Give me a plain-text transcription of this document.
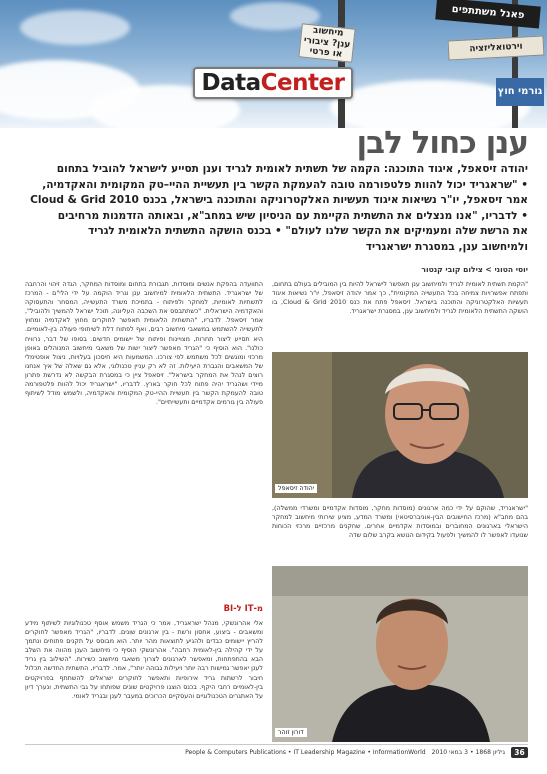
מיחשוב ענן? ציבורי או פרטי
פאנל משתתפים
וירטואליזציה
גורמי חוץ
Data Center
ענן כחול לבן
יהודה זיסאפל, איגוד התוכנה: הקמה של תשתית לאומית לגריד וענן תסייע לישראל להוביל בתחום
• "שראגריד יכול להוות פלטפורמה טובה להעמקת הקשר בין תעשיית ההיי–טק המקומית והאקדמיה,
אמר זיסאפל, יו"ר נשיאות איגוד תעשיות האלקטרוניקה והתוכנה בישראל, בכנס Cloud & Grid 2010
• לדבריו, "אנו מנצלים את התשתית הקיימת עם הניסיון שיש במחב"א, ובאותה הזדמנות מרחיבים
את הרשת שלה ומעמיקים את הקשר שלנו לעולם" • בכנס הושקה התשתית הלאומית לגריד
ולמיחשוב ענן, במסגרת ישראגריד
יוסי הטוני > צילום קובי קנטור
"הקמת תשתית לאומית לגריד ולמיחשוב ענן תאפשר לישראל להיות בין המובילים בעולם בתחום, ותפתח אפשרויות צמיחה בכל התעשייה המקומית", כך אמר יהודה זיסאפל, יו"ר נשיאות איגוד תעשיות האלקטרוניקה והתוכנה בישראל. זיסאפל פתח את כנס Cloud & Grid 2010, בו הושקה התשתית הלאומית לגריד ולמיחשוב ענן, במסגרת ישראגריד.
יהודה זיסאפל
"ישראגריד, שהוקם על ידי כמה ארגונים (מוסדות מחקר, מוסדות אקדמיים ומשרדי ממשלה), בהם מחב"א (מרכז החישובים הבין-אוניברסיטאי) ומשרד המדע, מציע שירותי מיחשוב למחקר הישראלי בארגונים המחוברים ובמוסדות אקדמיים אחרים. שחקנים מרכזיים מרכזי הכוחות שנועדו לאפשר לו להמשיך ולפעול בקידום הנושא בקרב שלום שדה
דורון זוהר
התוועדה בהפקת אנשים ומוסדות, תגבורת בתחום ומוסדות המחקר, הגדה זיהוי והרחבה של ישראגריד. התשתית הלאומית למיחשוב ענן וגריד הוקמה על ידי הלי"ם - המרכז לתשתיות לאומיות, למחקר ולפיתוח - בתמיכת משרד התעשייה, המסחר והתעסוקה והאקדמיה הישראלית. "כשתתבסס את השכבה העליונה, תוכל ישראל להמשיך ולהוביל", אמר זיסאפל. לדבריו, "התשתית הלאומית תאפשר לחוקרים מחוץ לאקדמיה ומחוץ לתעשייה להשתמש במשאבי מיחשוב רבים, ואף לפתוח דלת לשיתופי פעולה בין-לאומיים. היא תסייע ליצור תחרות, מצויינות ופיתוח של יישומים חדשים. בסופו של דבר, נרוויח כולנו". הוא הוסיף כי "הגריד מאפשר ליצור ישות של משאבי מיחשוב המנוהלים באופן מרכזי ומוגשים לכל משתמש לפי צורכו. המשמעות היא חיסכון בעלויות, ניצול אופטימלי של המשאבים והגברת היעילות. זה לא רק עניין טכנולוגי, אלא גם שאלה של איך אנחנו רוצים לנהל את המחקר בישראל". זיסאפל ציין כי במסגרת הבקשה לא נדרשת פתרון מיידי ושהגריד יהיה פתוח לכל חוקר בארץ. לדבריו, "ישראגריד יכול להוות פלטפורמה טובה להעמקת הקשר בין תעשיית ההיי-טק המקומית והאקדמיה, ולשמש מודל לשיתוף פעולה בין גורמים אקדמיים ותעשייתיים".
מ-IT ל-BI
אלי אהרונשקי, מנהל ישראגריד, אמר כי הגריד משמש אוסף טכנולוגיות לשיתוף מידע ומשאבים - ביצוע, אחסון ורשת - בין ארגונים שונים. לדבריו, "הגריד מאפשר לחוקרים להריץ יישומים כבדים ולהגיע לתוצאות מהר יותר. הוא מבוסס על תקנים פתוחים ונתמך על ידי קהילה בין-לאומית רחבה". אהרונשקי הוסיף כי מיחשוב הענן מהווה את השלב הבא בהתפתחות, ומאפשר לארגונים לצרוך משאבי מיחשוב כשירות. "השילוב בין גריד לענן יאפשר גמישות רבה יותר ויעילות גבוהה יותר", אמר. לדבריו, התשתית החדשה תכלול חיבור לרשתות גריד אירופיות ותאפשר לחוקרים ישראלים להשתתף בפרויקטים בין-לאומיים רחבי היקף. בכנס הוצגו פרויקטים שונים שפותחו על גבי התשתית, ונערך דיון על האתגרים הטכנולוגיים והעסקיים הכרוכים במעבר לענן ובגריד לאומי.
People & Computers Publications • IT Leadership Magazine • InformationWorld גיליון 1868 • 3 במאי 2010	36
